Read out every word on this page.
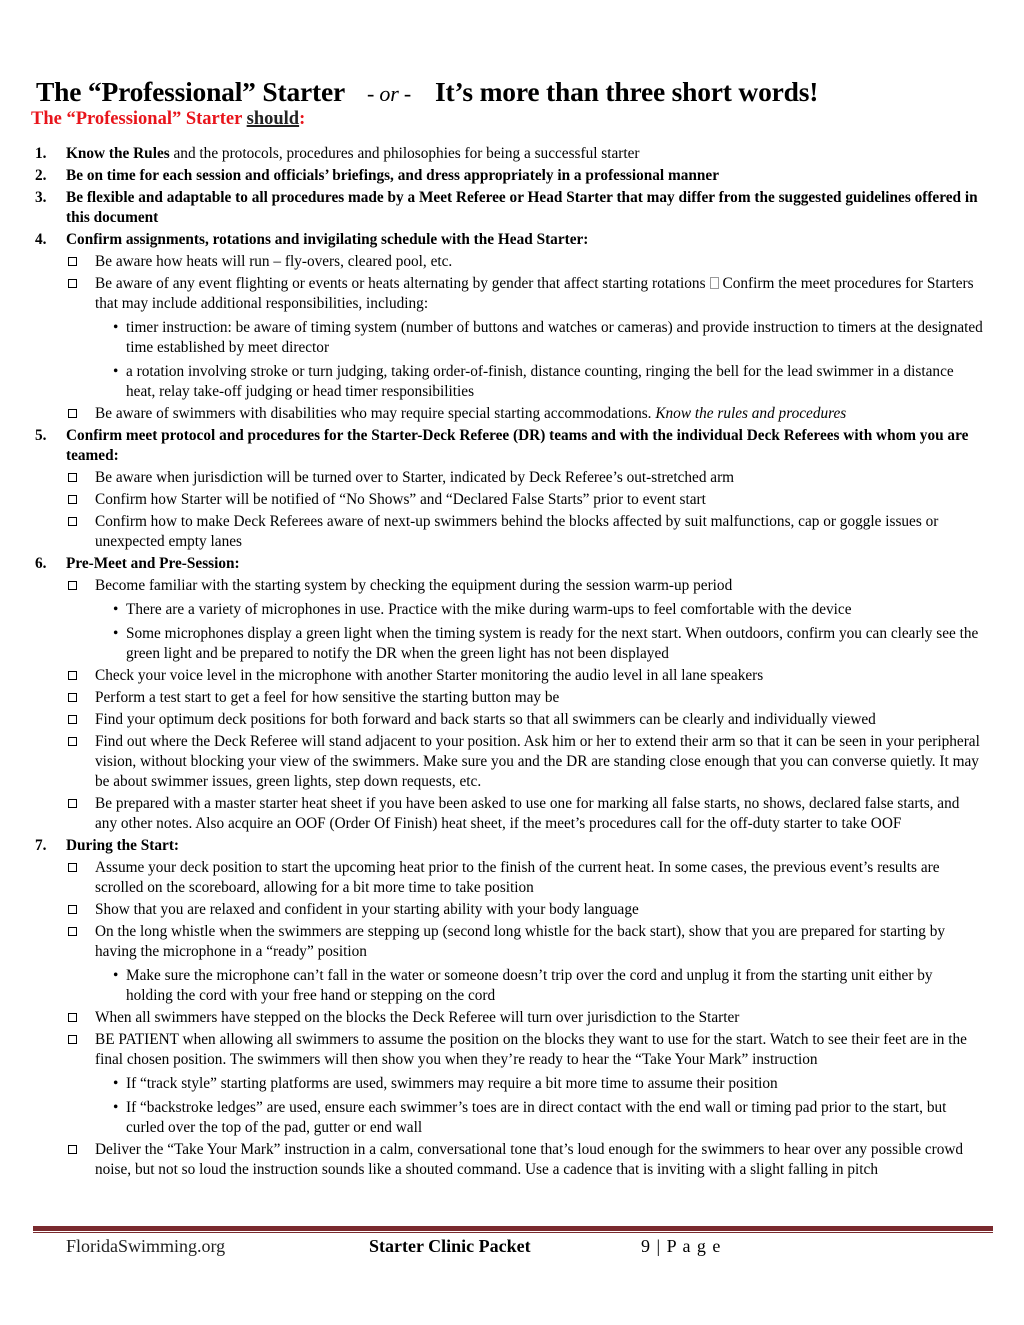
The “Professional” Starter - or - It’s more than three short words!
The “Professional” Starter should:
1. Know the Rules and the protocols, procedures and philosophies for being a successful starter
2. Be on time for each session and officials’ briefings, and dress appropriately in a professional manner
3. Be flexible and adaptable to all procedures made by a Meet Referee or Head Starter that may differ from the suggested guidelines offered in this document
4. Confirm assignments, rotations and invigilating schedule with the Head Starter:
Be aware how heats will run – fly-overs, cleared pool, etc.
Be aware of any event flighting or events or heats alternating by gender that affect starting rotations Confirm the meet procedures for Starters that may include additional responsibilities, including:
• timer instruction: be aware of timing system (number of buttons and watches or cameras) and provide instruction to timers at the designated time established by meet director
• a rotation involving stroke or turn judging, taking order-of-finish, distance counting, ringing the bell for the lead swimmer in a distance heat, relay take-off judging or head timer responsibilities
Be aware of swimmers with disabilities who may require special starting accommodations. Know the rules and procedures
5. Confirm meet protocol and procedures for the Starter-Deck Referee (DR) teams and with the individual Deck Referees with whom you are teamed:
Be aware when jurisdiction will be turned over to Starter, indicated by Deck Referee’s out-stretched arm
Confirm how Starter will be notified of “No Shows” and “Declared False Starts” prior to event start
Confirm how to make Deck Referees aware of next-up swimmers behind the blocks affected by suit malfunctions, cap or goggle issues or unexpected empty lanes
6. Pre-Meet and Pre-Session:
Become familiar with the starting system by checking the equipment during the session warm-up period
• There are a variety of microphones in use. Practice with the mike during warm-ups to feel comfortable with the device
• Some microphones display a green light when the timing system is ready for the next start. When outdoors, confirm you can clearly see the green light and be prepared to notify the DR when the green light has not been displayed
Check your voice level in the microphone with another Starter monitoring the audio level in all lane speakers
Perform a test start to get a feel for how sensitive the starting button may be
Find your optimum deck positions for both forward and back starts so that all swimmers can be clearly and individually viewed
Find out where the Deck Referee will stand adjacent to your position. Ask him or her to extend their arm so that it can be seen in your peripheral vision, without blocking your view of the swimmers. Make sure you and the DR are standing close enough that you can converse quietly. It may be about swimmer issues, green lights, step down requests, etc.
Be prepared with a master starter heat sheet if you have been asked to use one for marking all false starts, no shows, declared false starts, and any other notes. Also acquire an OOF (Order Of Finish) heat sheet, if the meet’s procedures call for the off-duty starter to take OOF
7. During the Start:
Assume your deck position to start the upcoming heat prior to the finish of the current heat. In some cases, the previous event’s results are scrolled on the scoreboard, allowing for a bit more time to take position
Show that you are relaxed and confident in your starting ability with your body language
On the long whistle when the swimmers are stepping up (second long whistle for the back start), show that you are prepared for starting by having the microphone in a “ready” position
• Make sure the microphone can’t fall in the water or someone doesn’t trip over the cord and unplug it from the starting unit either by holding the cord with your free hand or stepping on the cord
When all swimmers have stepped on the blocks the Deck Referee will turn over jurisdiction to the Starter
BE PATIENT when allowing all swimmers to assume the position on the blocks they want to use for the start. Watch to see their feet are in the final chosen position. The swimmers will then show you when they’re ready to hear the “Take Your Mark” instruction
• If “track style” starting platforms are used, swimmers may require a bit more time to assume their position
• If “backstroke ledges” are used, ensure each swimmer’s toes are in direct contact with the end wall or timing pad prior to the start, but curled over the top of the pad, gutter or end wall
Deliver the “Take Your Mark” instruction in a calm, conversational tone that’s loud enough for the swimmers to hear over any possible crowd noise, but not so loud the instruction sounds like a shouted command. Use a cadence that is inviting with a slight falling in pitch
FloridaSwimming.org	Starter Clinic Packet	9 | P a g e
